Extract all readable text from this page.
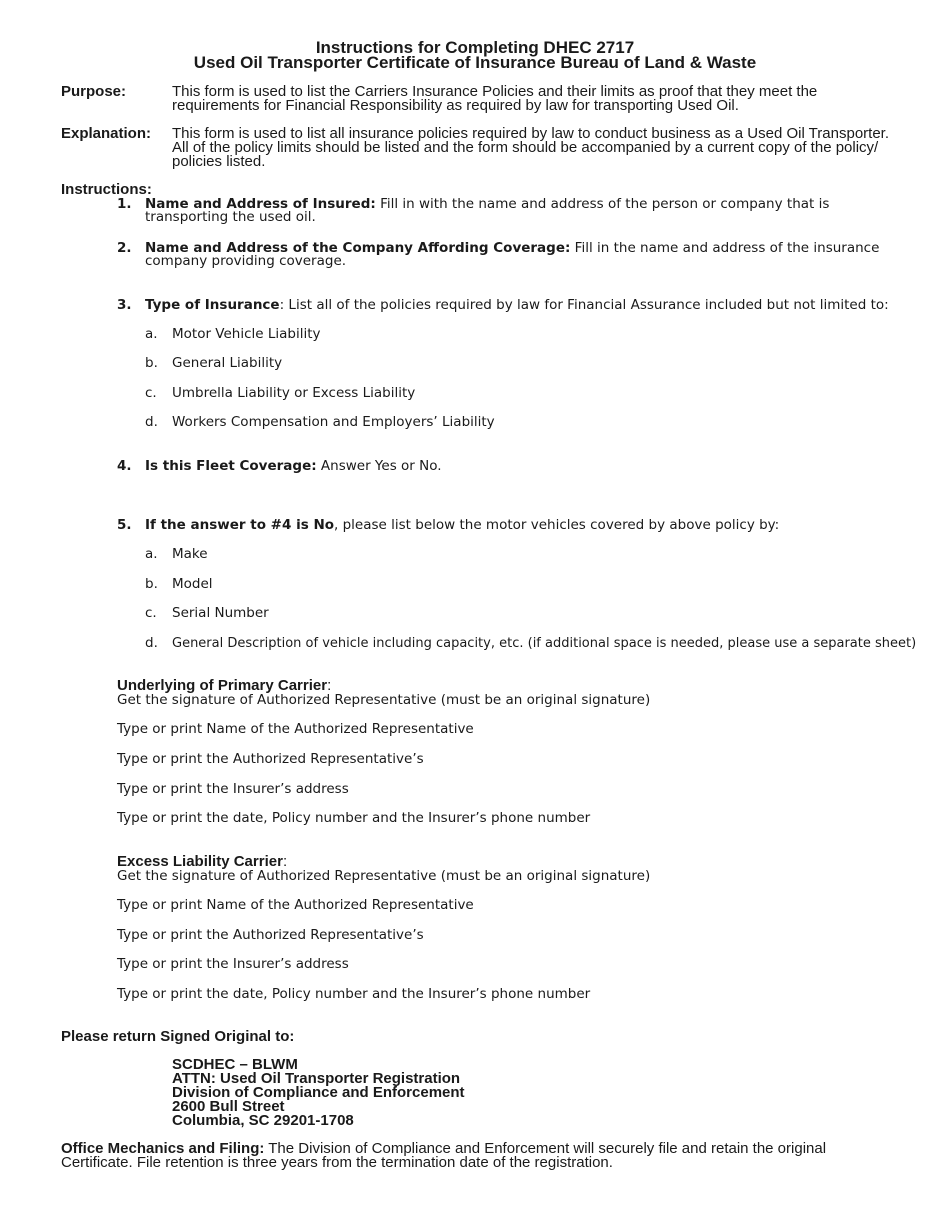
Instructions for Completing DHEC 2717
Used Oil Transporter Certificate of Insurance Bureau of Land & Waste
Purpose:	This form is used to list the Carriers Insurance Policies and their limits as proof that they meet the requirements for Financial Responsibility as required by law for transporting Used Oil.
Explanation: This form is used to list all insurance policies required by law to conduct business as a Used Oil Transporter. All of the policy limits should be listed and the form should be accompanied by a current copy of the policy/ policies listed.
Instructions:
1. Name and Address of Insured: Fill in with the name and address of the person or company that is transporting the used oil.
2. Name and Address of the Company Affording Coverage: Fill in the name and address of the insurance company providing coverage.
3. Type of Insurance: List all of the policies required by law for Financial Assurance included but not limited to:
a. Motor Vehicle Liability
b. General Liability
c. Umbrella Liability or Excess Liability
d. Workers Compensation and Employers’ Liability
4. Is this Fleet Coverage: Answer Yes or No.
5. If the answer to #4 is No, please list below the motor vehicles covered by above policy by:
a. Make
b. Model
c. Serial Number
d. General Description of vehicle including capacity, etc. (if additional space is needed, please use a separate sheet)
Underlying of Primary Carrier:
Get the signature of Authorized Representative (must be an original signature)
Type or print Name of the Authorized Representative
Type or print the Authorized Representative’s
Type or print the Insurer’s address
Type or print the date, Policy number and the Insurer’s phone number
Excess Liability Carrier:
Get the signature of Authorized Representative (must be an original signature)
Type or print Name of the Authorized Representative
Type or print the Authorized Representative’s
Type or print the Insurer’s address
Type or print the date, Policy number and the Insurer’s phone number
Please return Signed Original to:
SCDHEC – BLWM
ATTN: Used Oil Transporter Registration
Division of Compliance and Enforcement
2600 Bull Street
Columbia, SC 29201-1708
Office Mechanics and Filing: The Division of Compliance and Enforcement will securely file and retain the original Certificate. File retention is three years from the termination date of the registration.
